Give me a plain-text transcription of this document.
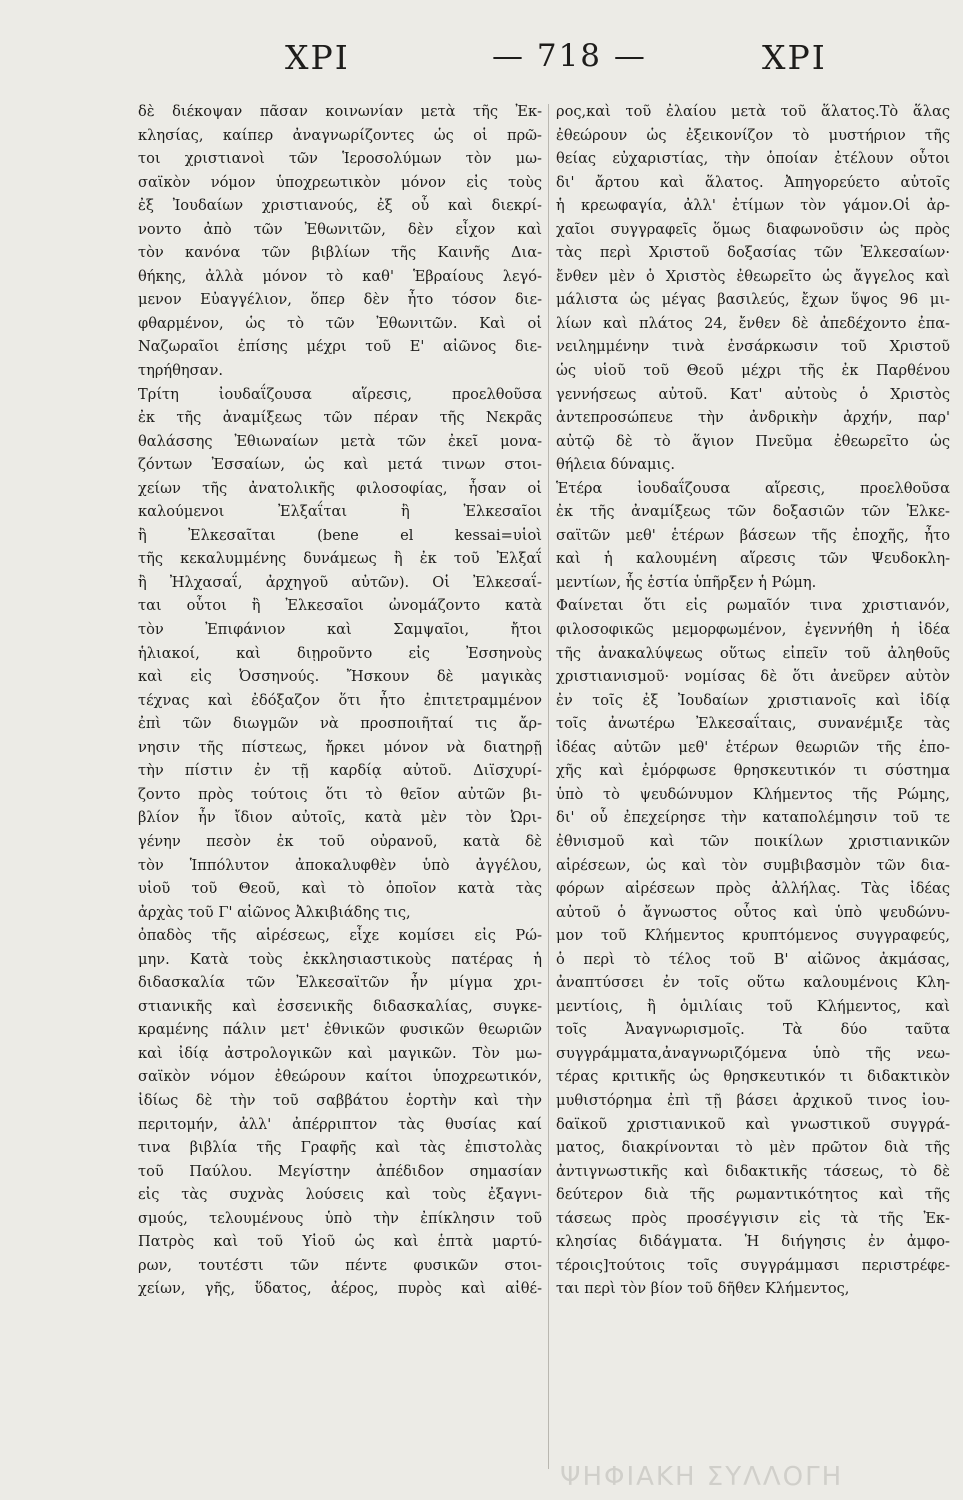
XPI	— 718 —	XPI
δὲ διέκοψαν πᾶσαν κοινωνίαν μετὰ τῆς Ἐκ-
κλησίας, καίπερ ἀναγνωρίζοντες ὡς οἱ πρῶ-
τοι χριστιανοὶ τῶν Ἱεροσολύμων τὸν μω-
σαϊκὸν νόμον ὑποχρεωτικὸν μόνον εἰς τοὺς
ἐξ Ἰουδαίων χριστιανούς, ἐξ οὗ καὶ διεκρί-
νοντο ἀπὸ τῶν Ἐθωνιτῶν, δὲν εἶχον καὶ
τὸν κανόνα τῶν βιβλίων τῆς Καινῆς Δια-
θήκης, ἀλλὰ μόνον τὸ καθ' Ἑβραίους λεγό-
μενον Εὐαγγέλιον, ὅπερ δὲν ἦτο τόσον διε-
φθαρμένον, ὡς τὸ τῶν Ἐθωνιτῶν. Καὶ οἱ
Ναζωραῖοι ἐπίσης μέχρι τοῦ Ε' αἰῶνος διε-
τηρήθησαν.
Τρίτη ἰουδαΐζουσα αἵρεσις, προελθοῦσα
ἐκ τῆς ἀναμίξεως τῶν πέραν τῆς Νεκρᾶς
θαλάσσης Ἐθιωναίων μετὰ τῶν ἐκεῖ μονα-
ζόντων Ἐσσαίων, ὡς καὶ μετά τινων στοι-
χείων τῆς ἀνατολικῆς φιλοσοφίας, ἦσαν οἱ
καλούμενοι Ἐλξαΐται ἢ Ἐλκεσαῖοι
ἢ Ἐλκεσαῖται (bene el kessai=υἱοὶ
τῆς κεκαλυμμένης δυνάμεως ἢ ἐκ τοῦ Ἐλξαΐ
ἢ Ἠλχασαΐ, ἀρχηγοῦ αὐτῶν). Οἱ Ἐλκεσαΐ-
ται οὗτοι ἢ Ἐλκεσαῖοι ὠνομάζοντο κατὰ
τὸν Ἐπιφάνιον καὶ Σαμψαῖοι, ἤτοι
ἡλιακοί, καὶ διῃροῦντο εἰς Ἐσσηνοὺς
καὶ εἰς Ὀσσηνούς. Ἤσκουν δὲ μαγικὰς
τέχνας καὶ ἐδόξαζον ὅτι ἦτο ἐπιτετραμμένον
ἐπὶ τῶν διωγμῶν νὰ προσποιῆταί τις ἄρ-
νησιν τῆς πίστεως, ἤρκει μόνον νὰ διατηρῇ
τὴν πίστιν ἐν τῇ καρδίᾳ αὐτοῦ. Διϊσχυρί-
ζοντο πρὸς τούτοις ὅτι τὸ θεῖον αὐτῶν βι-
βλίον ἦν ἴδιον αὐτοῖς, κατὰ μὲν τὸν Ὠρι-
γένην πεσὸν ἐκ τοῦ οὐρανοῦ, κατὰ δὲ
τὸν Ἱππόλυτον ἀποκαλυφθὲν ὑπὸ ἀγγέλου,
υἱοῦ τοῦ Θεοῦ, καὶ τὸ ὁποῖον κατὰ τὰς
ἀρχὰς τοῦ Γ' αἰῶνος Ἀλκιβιάδης τις,
ὀπαδὸς τῆς αἱρέσεως, εἶχε κομίσει εἰς Ρώ-
μην. Κατὰ τοὺς ἐκκλησιαστικοὺς πατέρας ἡ
διδασκαλία τῶν Ἐλκεσαϊτῶν ἦν μίγμα χρι-
στιανικῆς καὶ ἐσσενικῆς διδασκαλίας, συγκε-
κραμένης πάλιν μετ' ἐθνικῶν φυσικῶν θεωριῶν
καὶ ἰδίᾳ ἀστρολογικῶν καὶ μαγικῶν. Τὸν μω-
σαϊκὸν νόμον ἐθεώρουν καίτοι ὑποχρεωτικόν,
ἰδίως δὲ τὴν τοῦ σαββάτου ἑορτὴν καὶ τὴν
περιτομήν, ἀλλ' ἀπέρριπτον τὰς θυσίας καί
τινα βιβλία τῆς Γραφῆς καὶ τὰς ἐπιστολὰς
τοῦ Παύλου. Μεγίστην ἀπέδιδον σημασίαν
εἰς τὰς συχνὰς λούσεις καὶ τοὺς ἐξαγνι-
σμούς, τελουμένους ὑπὸ τὴν ἐπίκλησιν τοῦ
Πατρὸς καὶ τοῦ Υἱοῦ ὡς καὶ ἑπτὰ μαρτύ-
ρων, τουτέστι τῶν πέντε φυσικῶν στοι-
χείων, γῆς, ὕδατος, ἀέρος, πυρὸς καὶ αἰθέ-
ρος,καὶ τοῦ ἐλαίου μετὰ τοῦ ἅλατος.Τὸ ἅλας
ἐθεώρουν ὡς ἐξεικονίζον τὸ μυστήριον τῆς
θείας εὐχαριστίας, τὴν ὁποίαν ἐτέλουν οὗτοι
δι' ἄρτου καὶ ἅλατος. Ἀπηγορεύετο αὐτοῖς
ἡ κρεωφαγία, ἀλλ' ἐτίμων τὸν γάμον.Οἱ ἀρ-
χαῖοι συγγραφεῖς ὅμως διαφωνοῦσιν ὡς πρὸς
τὰς περὶ Χριστοῦ δοξασίας τῶν Ἐλκεσαίων·
ἔνθεν μὲν ὁ Χριστὸς ἐθεωρεῖτο ὡς ἄγγελος καὶ
μάλιστα ὡς μέγας βασιλεύς, ἔχων ὕψος 96 μι-
λίων καὶ πλάτος 24, ἔνθεν δὲ ἀπεδέχοντο ἐπα-
νειλημμένην τινὰ ἐνσάρκωσιν τοῦ Χριστοῦ
ὡς υἱοῦ τοῦ Θεοῦ μέχρι τῆς ἐκ Παρθένου
γεννήσεως αὐτοῦ. Κατ' αὐτοὺς ὁ Χριστὸς
ἀντεπροσώπευε τὴν ἀνδρικὴν ἀρχήν, παρ'
αὐτῷ δὲ τὸ ἅγιον Πνεῦμα ἐθεωρεῖτο ὡς
θήλεια δύναμις.
Ἑτέρα ἰουδαΐζουσα αἵρεσις, προελθοῦσα
ἐκ τῆς ἀναμίξεως τῶν δοξασιῶν τῶν Ἐλκε-
σαϊτῶν μεθ' ἑτέρων βάσεων τῆς ἐποχῆς, ἦτο
καὶ ἡ καλουμένη αἵρεσις τῶν Ψευδοκλη-
μεντίων, ἧς ἑστία ὑπῆρξεν ἡ Ρώμη.
Φαίνεται ὅτι εἰς ρωμαῖόν τινα χριστιανόν,
φιλοσοφικῶς μεμορφωμένον, ἐγεννήθη ἡ ἰδέα
τῆς ἀνακαλύψεως οὕτως εἰπεῖν τοῦ ἀληθοῦς
χριστιανισμοῦ· νομίσας δὲ ὅτι ἀνεῦρεν αὐτὸν
ἐν τοῖς ἐξ Ἰουδαίων χριστιανοῖς καὶ ἰδίᾳ
τοῖς ἀνωτέρω Ἐλκεσαΐταις, συνανέμιξε τὰς
ἰδέας αὐτῶν μεθ' ἑτέρων θεωριῶν τῆς ἐπο-
χῆς καὶ ἐμόρφωσε θρησκευτικόν τι σύστημα
ὑπὸ τὸ ψευδώνυμον Κλήμεντος τῆς Ρώμης,
δι' οὗ ἐπεχείρησε τὴν καταπολέμησιν τοῦ τε
ἐθνισμοῦ καὶ τῶν ποικίλων χριστιανικῶν
αἱρέσεων, ὡς καὶ τὸν συμβιβασμὸν τῶν δια-
φόρων αἱρέσεων πρὸς ἀλλήλας. Τὰς ἰδέας
αὐτοῦ ὁ ἄγνωστος οὗτος καὶ ὑπὸ ψευδώνυ-
μον τοῦ Κλήμεντος κρυπτόμενος συγγραφεύς,
ὁ περὶ τὸ τέλος τοῦ Β' αἰῶνος ἀκμάσας,
ἀναπτύσσει ἐν τοῖς οὕτω καλουμένοις Κλη-
μεντίοις, ἢ ὁμιλίαις τοῦ Κλήμεντος, καὶ
τοῖς Ἀναγνωρισμοῖς. Τὰ δύο ταῦτα
συγγράμματα,ἀναγνωριζόμενα ὑπὸ τῆς νεω-
τέρας κριτικῆς ὡς θρησκευτικόν τι διδακτικὸν
μυθιστόρημα ἐπὶ τῇ βάσει ἀρχικοῦ τινος ἰου-
δαϊκοῦ χριστιανικοῦ καὶ γνωστικοῦ συγγρά-
ματος, διακρίνονται τὸ μὲν πρῶτον διὰ τῆς
ἀντιγνωστικῆς καὶ διδακτικῆς τάσεως, τὸ δὲ
δεύτερον διὰ τῆς ρωμαντικότητος καὶ τῆς
τάσεως πρὸς προσέγγισιν εἰς τὰ τῆς Ἐκ-
κλησίας διδάγματα. Ἡ διήγησις ἐν ἀμφο-
τέροις]τούτοις τοῖς συγγράμμασι περιστρέφε-
ται περὶ τὸν βίον τοῦ δῆθεν Κλήμεντος,
ΨΗΦΙΑΚΗ ΣΥΛΛΟΓΗ
